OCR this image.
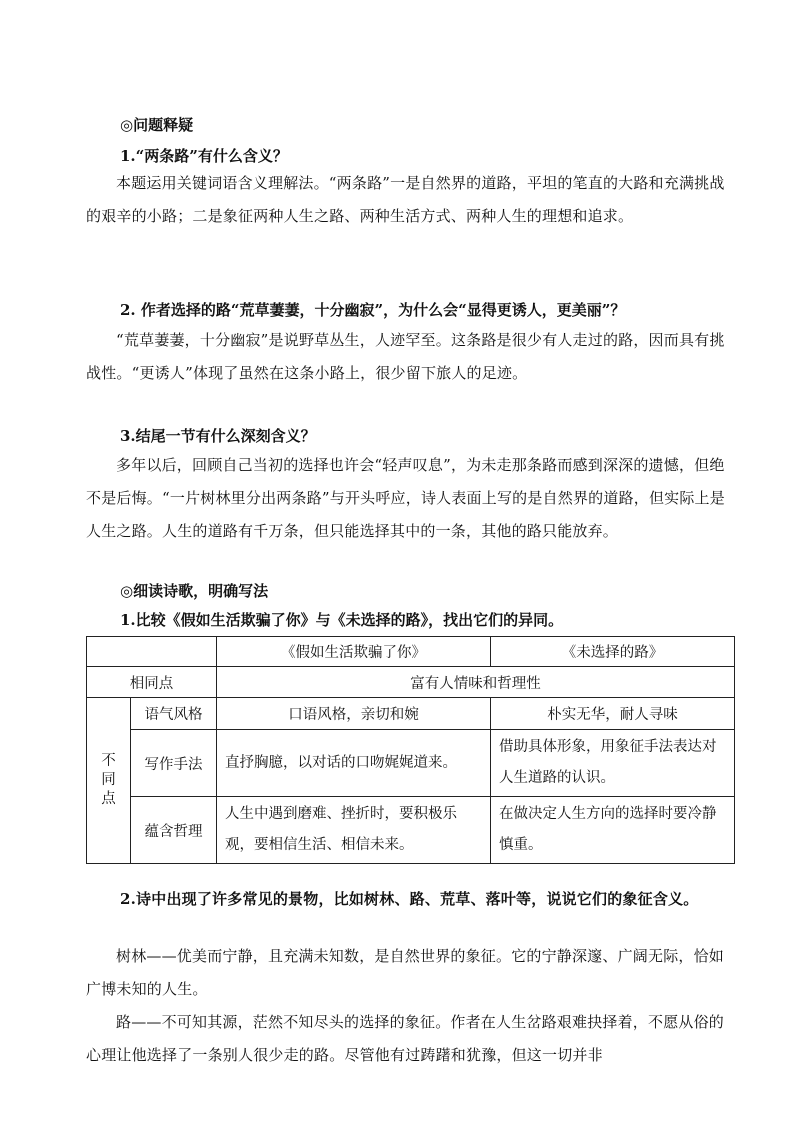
◎问题释疑
1.“两条路”有什么含义？
本题运用关键词语含义理解法。“两条路”一是自然界的道路，平坦的笔直的大路和充满挑战的艰辛的小路；二是象征两种人生之路、两种生活方式、两种人生的理想和追求。
2. 作者选择的路“荒草萋萋，十分幽寂”，为什么会“显得更诱人，更美丽”？
“荒草萋萋，十分幽寂”是说野草丛生，人迹罕至。这条路是很少有人走过的路，因而具有挑战性。“更诱人”体现了虽然在这条小路上，很少留下旅人的足迹。
3.结尾一节有什么深刻含义？
多年以后，回顾自己当初的选择也许会“轻声叹息”，为未走那条路而感到深深的遗憾，但绝不是后悔。“一片树林里分出两条路”与开头呼应，诗人表面上写的是自然界的道路，但实际上是人生之路。人生的道路有千万条，但只能选择其中的一条，其他的路只能放弃。
◎细读诗歌，明确写法
1.比较《假如生活欺骗了你》与《未选择的路》，找出它们的异同。
		《假如生活欺骗了你》	《未选择的路》
相同点		富有人情味和哲理性	
不同点	语气风格	口语风格，亲切和婉	朴实无华，耐人寻味
	写作手法	直抒胸臆，以对话的口吻娓娓道来。	借助具体形象，用象征手法表达对人生道路的认识。
	蕴含哲理	人生中遇到磨难、挫折时，要积极乐观，要相信生活、相信未来。	在做决定人生方向的选择时要冷静慎重。
2.诗中出现了许多常见的景物，比如树林、路、荒草、落叶等，说说它们的象征含义。
树林——优美而宁静，且充满未知数，是自然世界的象征。它的宁静深邃、广阔无际，恰如广博未知的人生。
路——不可知其源，茫然不知尽头的选择的象征。作者在人生岔路艰难抉择着，不愿从俗的心理让他选择了一条别人很少走的路。尽管他有过踌躇和犹豫，但这一切并非
